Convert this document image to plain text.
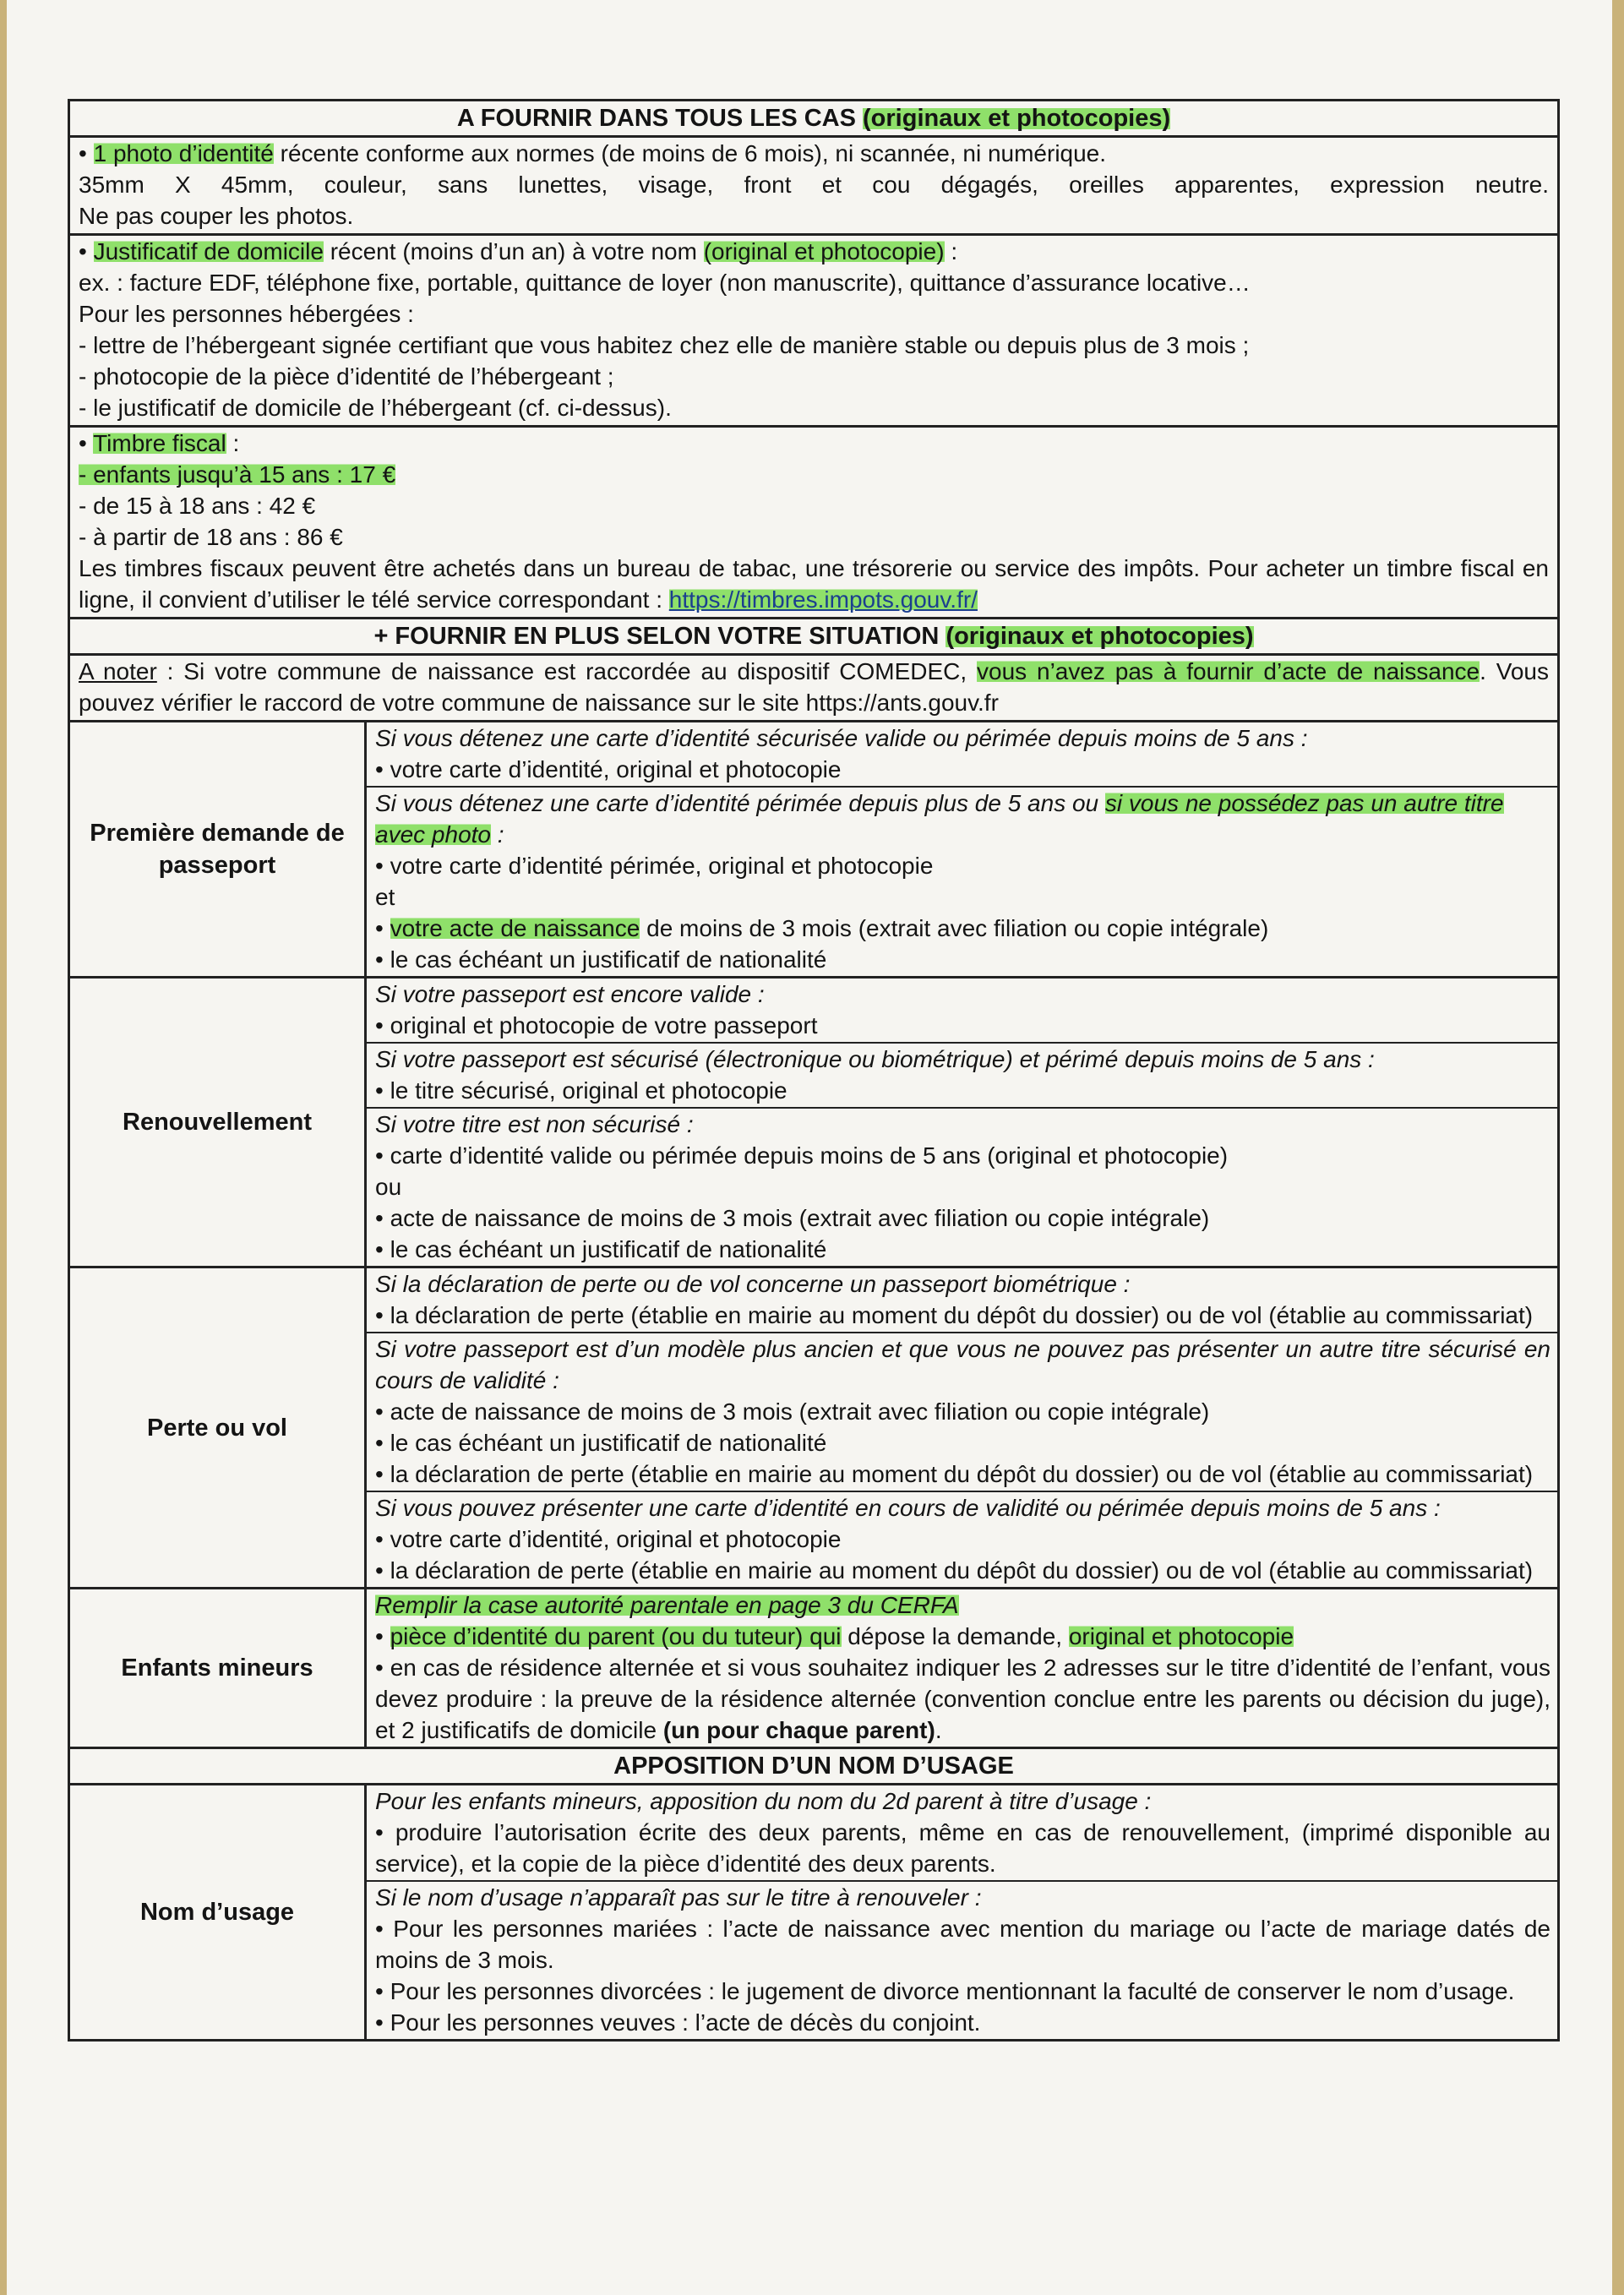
A FOURNIR DANS TOUS LES CAS (originaux et photocopies)

• 1 photo d’identité récente conforme aux normes (de moins de 6 mois), ni scannée, ni numérique.

35mm X 45mm, couleur, sans lunettes, visage, front et cou dégagés, oreilles apparentes, expression neutre.

Ne pas couper les photos.

• Justificatif de domicile récent (moins d’un an) à votre nom (original et photocopie) :

ex. : facture EDF, téléphone fixe, portable, quittance de loyer (non manuscrite), quittance d’assurance locative…

Pour les personnes hébergées :

- lettre de l’hébergeant signée certifiant que vous habitez chez elle de manière stable ou depuis plus de 3 mois ;

- photocopie de la pièce d’identité de l’hébergeant ;

- le justificatif de domicile de l’hébergeant (cf. ci-dessus).

• Timbre fiscal :

- enfants jusqu’à 15 ans : 17 €

- de 15 à 18 ans : 42 €

- à partir de 18 ans : 86 €

Les timbres fiscaux peuvent être achetés dans un bureau de tabac, une trésorerie ou service des impôts. Pour acheter un timbre fiscal en ligne, il convient d’utiliser le télé service correspondant : https://timbres.impots.gouv.fr/

+ FOURNIR EN PLUS SELON VOTRE SITUATION (originaux et photocopies)

A noter : Si votre commune de naissance est raccordée au dispositif COMEDEC, vous n’avez pas à fournir d’acte de naissance. Vous pouvez vérifier le raccord de votre commune de naissance sur le site https://ants.gouv.fr

Première demande de passeport

Si vous détenez une carte d’identité sécurisée valide ou périmée depuis moins de 5 ans :

• votre carte d’identité, original et photocopie

Si vous détenez une carte d’identité périmée depuis plus de 5 ans ou si vous ne possédez pas un autre titre avec photo :

• votre carte d’identité périmée, original et photocopie

et

• votre acte de naissance de moins de 3 mois (extrait avec filiation ou copie intégrale)

• le cas échéant un justificatif de nationalité

Renouvellement

Si votre passeport est encore valide :

• original et photocopie de votre passeport

Si votre passeport est sécurisé (électronique ou biométrique) et périmé depuis moins de 5 ans :

• le titre sécurisé, original et photocopie

Si votre titre est non sécurisé :

• carte d’identité valide ou périmée depuis moins de 5 ans (original et photocopie)

ou

• acte de naissance de moins de 3 mois (extrait avec filiation ou copie intégrale)

• le cas échéant un justificatif de nationalité

Perte ou vol

Si la déclaration de perte ou de vol concerne un passeport biométrique :

• la déclaration de perte (établie en mairie au moment du dépôt du dossier) ou de vol (établie au commissariat)

Si votre passeport est d’un modèle plus ancien et que vous ne pouvez pas présenter un autre titre sécurisé en cours de validité :

• acte de naissance de moins de 3 mois (extrait avec filiation ou copie intégrale)

• le cas échéant un justificatif de nationalité

• la déclaration de perte (établie en mairie au moment du dépôt du dossier) ou de vol (établie au commissariat)

Si vous pouvez présenter une carte d’identité en cours de validité ou périmée depuis moins de 5 ans :

• votre carte d’identité, original et photocopie

• la déclaration de perte (établie en mairie au moment du dépôt du dossier) ou de vol (établie au commissariat)

Enfants mineurs

Remplir la case autorité parentale en page 3 du CERFA

• pièce d’identité du parent (ou du tuteur) qui dépose la demande, original et photocopie

• en cas de résidence alternée et si vous souhaitez indiquer les 2 adresses sur le titre d’identité de l’enfant, vous devez produire : la preuve de la résidence alternée (convention conclue entre les parents ou décision du juge), et 2 justificatifs de domicile (un pour chaque parent).

APPOSITION D’UN NOM D’USAGE
Nom d’usage

Pour les enfants mineurs, apposition du nom du 2d parent à titre d’usage :

• produire l’autorisation écrite des deux parents, même en cas de renouvellement, (imprimé disponible au service), et la copie de la pièce d’identité des deux parents.

Si le nom d’usage n’apparaît pas sur le titre à renouveler :

• Pour les personnes mariées : l’acte de naissance avec mention du mariage ou l’acte de mariage datés de moins de 3 mois.

• Pour les personnes divorcées : le jugement de divorce mentionnant la faculté de conserver le nom d’usage.

• Pour les personnes veuves : l’acte de décès du conjoint.
